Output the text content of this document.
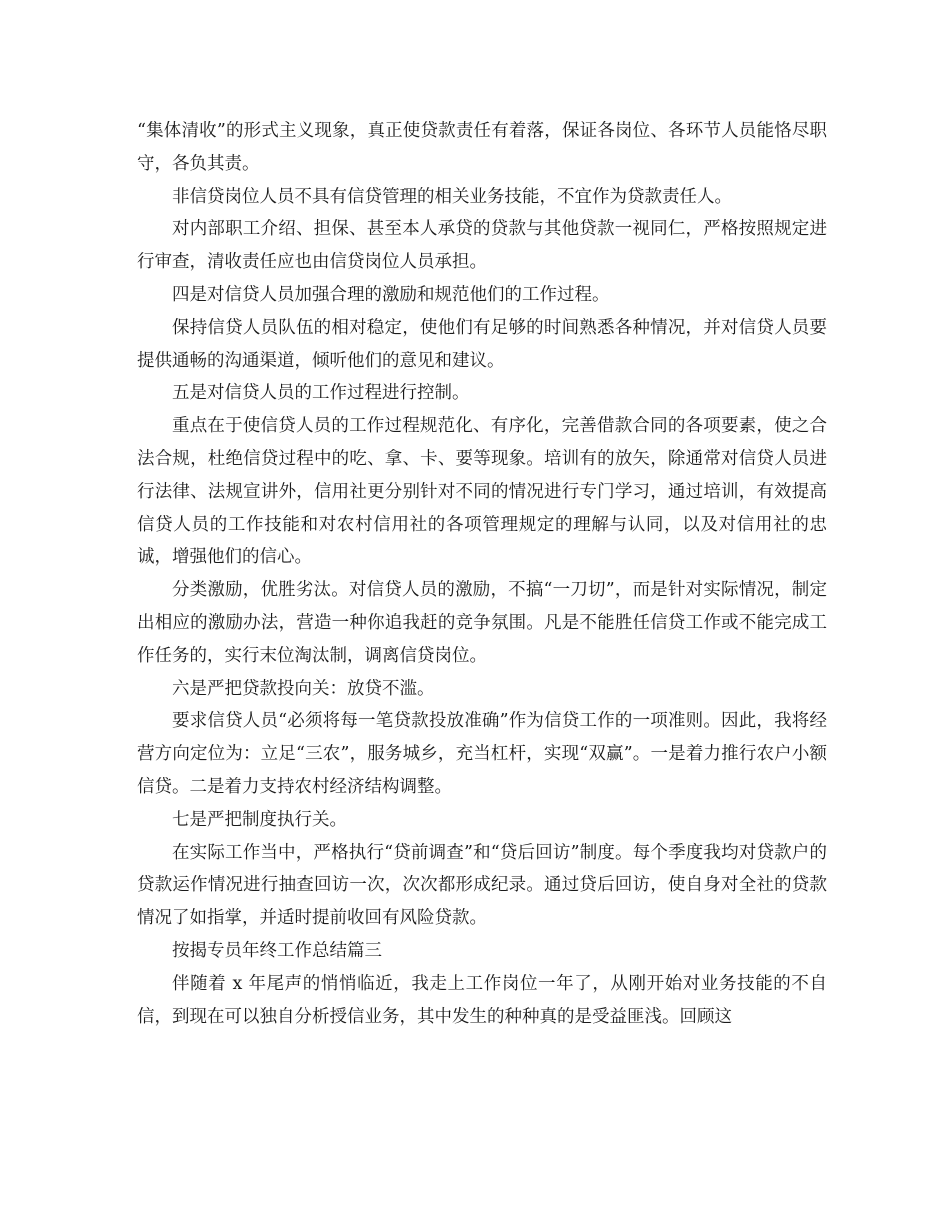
“集体清收”的形式主义现象，真正使贷款责任有着落，保证各岗位、各环节人员能恪尽职守，各负其责。

非信贷岗位人员不具有信贷管理的相关业务技能，不宜作为贷款责任人。

对内部职工介绍、担保、甚至本人承贷的贷款与其他贷款一视同仁，严格按照规定进行审查，清收责任应也由信贷岗位人员承担。

四是对信贷人员加强合理的激励和规范他们的工作过程。

保持信贷人员队伍的相对稳定，使他们有足够的时间熟悉各种情况，并对信贷人员要提供通畅的沟通渠道，倾听他们的意见和建议。

五是对信贷人员的工作过程进行控制。

重点在于使信贷人员的工作过程规范化、有序化，完善借款合同的各项要素，使之合法合规，杜绝信贷过程中的吃、拿、卡、要等现象。培训有的放矢，除通常对信贷人员进行法律、法规宣讲外，信用社更分别针对不同的情况进行专门学习，通过培训，有效提高信贷人员的工作技能和对农村信用社的各项管理规定的理解与认同，以及对信用社的忠诚，增强他们的信心。

分类激励，优胜劣汰。对信贷人员的激励，不搞“一刀切”，而是针对实际情况，制定出相应的激励办法，营造一种你追我赶的竞争氛围。凡是不能胜任信贷工作或不能完成工作任务的，实行末位淘汰制，调离信贷岗位。

六是严把贷款投向关：放贷不滥。

要求信贷人员“必须将每一笔贷款投放准确”作为信贷工作的一项准则。因此，我将经营方向定位为：立足“三农”，服务城乡，充当杠杆，实现“双赢”。一是着力推行农户小额信贷。二是着力支持农村经济结构调整。

七是严把制度执行关。

在实际工作当中，严格执行“贷前调查”和“贷后回访”制度。每个季度我均对贷款户的贷款运作情况进行抽查回访一次，次次都形成纪录。通过贷后回访，使自身对全社的贷款情况了如指掌，并适时提前收回有风险贷款。

按揭专员年终工作总结篇三

伴随着 x 年尾声的悄悄临近，我走上工作岗位一年了，从刚开始对业务技能的不自信，到现在可以独自分析授信业务，其中发生的种种真的是受益匪浅。回顾这
